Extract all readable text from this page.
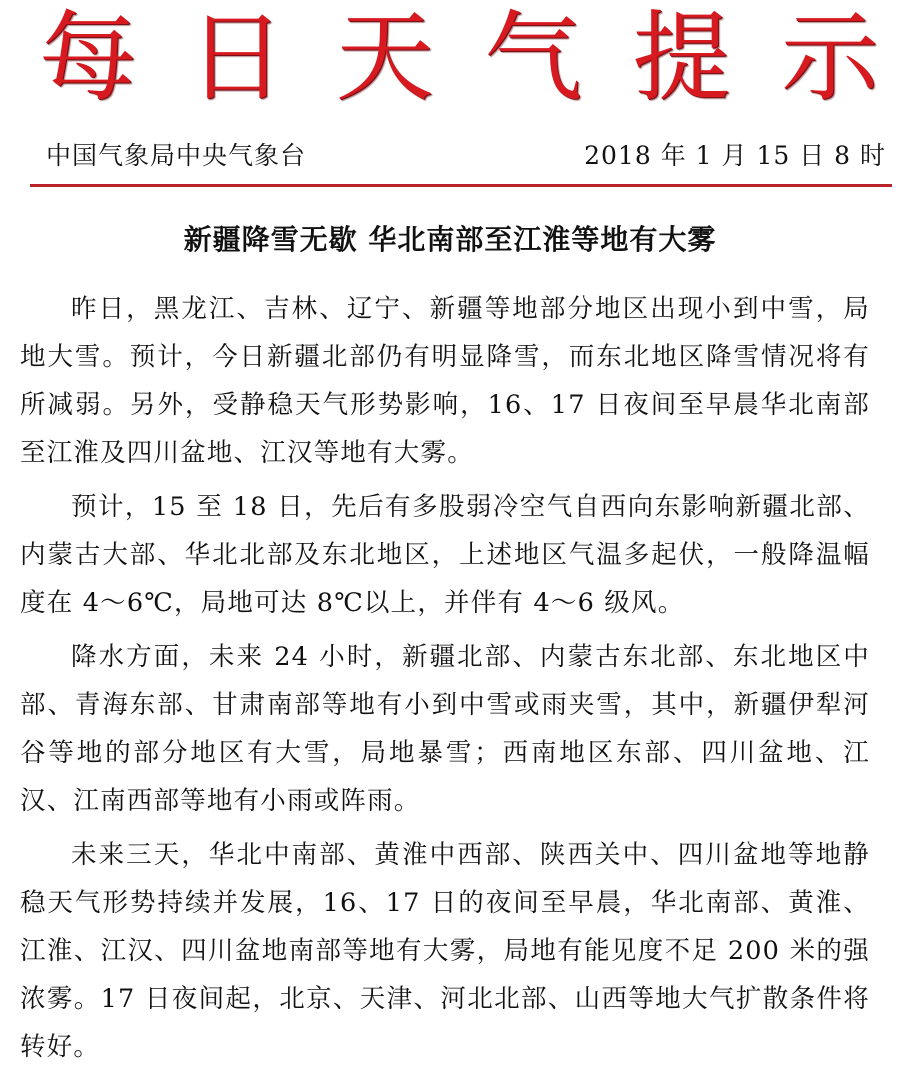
每 日 天 气 提 示
中国气象局中央气象台	2018 年 1 月 15 日 8 时
新疆降雪无歇 华北南部至江淮等地有大雾

昨日，黑龙江、吉林、辽宁、新疆等地部分地区出现小到中雪，局地大雪。预计，今日新疆北部仍有明显降雪，而东北地区降雪情况将有所减弱。另外，受静稳天气形势影响，16、17 日夜间至早晨华北南部至江淮及四川盆地、江汉等地有大雾。

预计，15 至 18 日，先后有多股弱冷空气自西向东影响新疆北部、内蒙古大部、华北北部及东北地区，上述地区气温多起伏，一般降温幅度在 4～6℃，局地可达 8℃以上，并伴有 4～6 级风。

降水方面，未来 24 小时，新疆北部、内蒙古东北部、东北地区中部、青海东部、甘肃南部等地有小到中雪或雨夹雪，其中，新疆伊犁河谷等地的部分地区有大雪，局地暴雪；西南地区东部、四川盆地、江汉、江南西部等地有小雨或阵雨。

未来三天，华北中南部、黄淮中西部、陕西关中、四川盆地等地静稳天气形势持续并发展，16、17 日的夜间至早晨，华北南部、黄淮、江淮、江汉、四川盆地南部等地有大雾，局地有能见度不足 200 米的强浓雾。17 日夜间起，北京、天津、河北北部、山西等地大气扩散条件将转好。
